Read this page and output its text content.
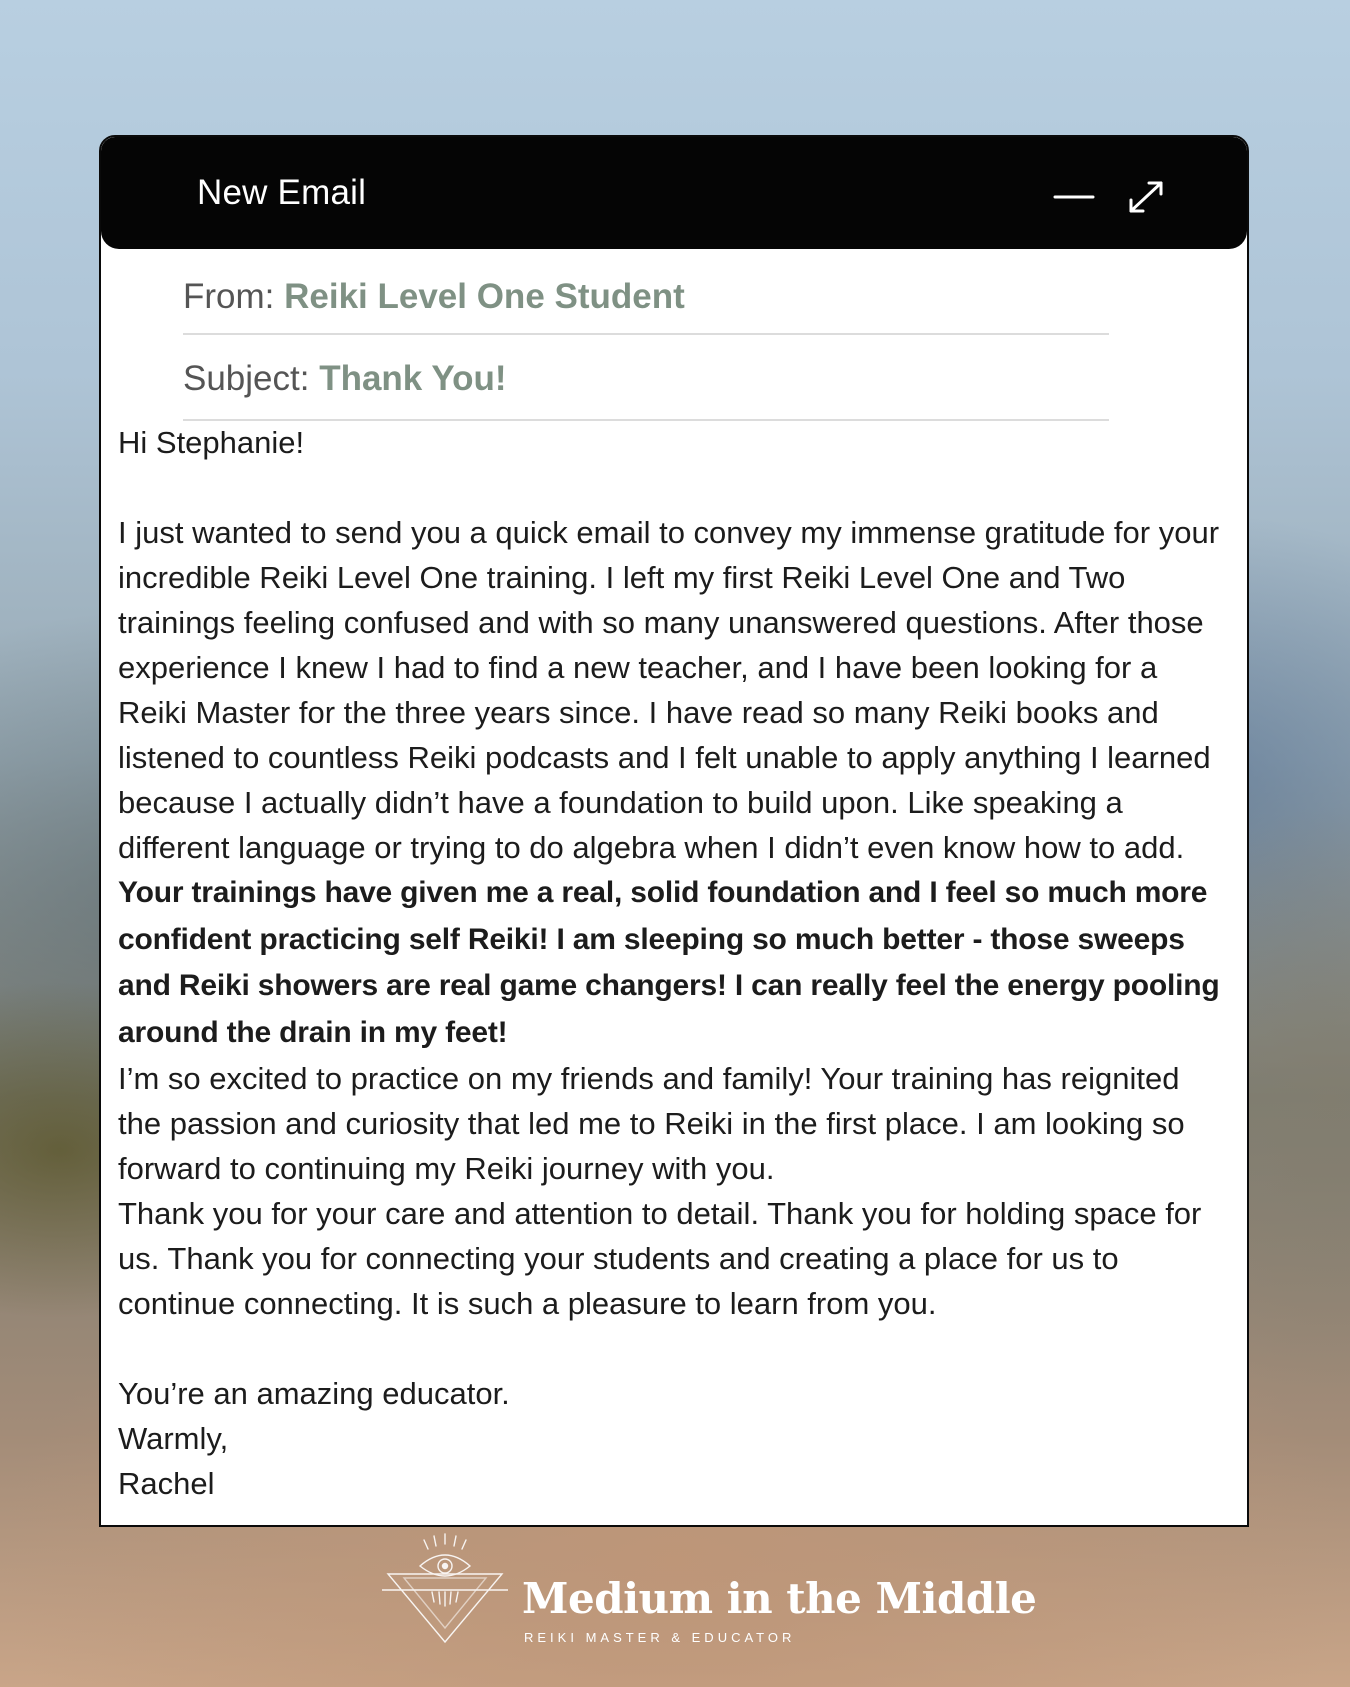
New Email
From: Reiki Level One Student
Subject: Thank You!

Hi Stephanie!

I just wanted to send you a quick email to convey my immense gratitude for your incredible Reiki Level One training. I left my first Reiki Level One and Two trainings feeling confused and with so many unanswered questions. After those experience I knew I had to find a new teacher, and I have been looking for a Reiki Master for the three years since. I have read so many Reiki books and listened to countless Reiki podcasts and I felt unable to apply anything I learned because I actually didn’t have a foundation to build upon. Like speaking a different language or trying to do algebra when I didn’t even know how to add.

Your trainings have given me a real, solid foundation and I feel so much more confident practicing self Reiki! I am sleeping so much better - those sweeps and Reiki showers are real game changers! I can really feel the energy pooling around the drain in my feet!

I’m so excited to practice on my friends and family! Your training has reignited the passion and curiosity that led me to Reiki in the first place. I am looking so forward to continuing my Reiki journey with you.

Thank you for your care and attention to detail. Thank you for holding space for us. Thank you for connecting your students and creating a place for us to continue connecting. It is such a pleasure to learn from you.

You’re an amazing educator.

Warmly,

Rachel

Medium in the Middle
REIKI MASTER & EDUCATOR
